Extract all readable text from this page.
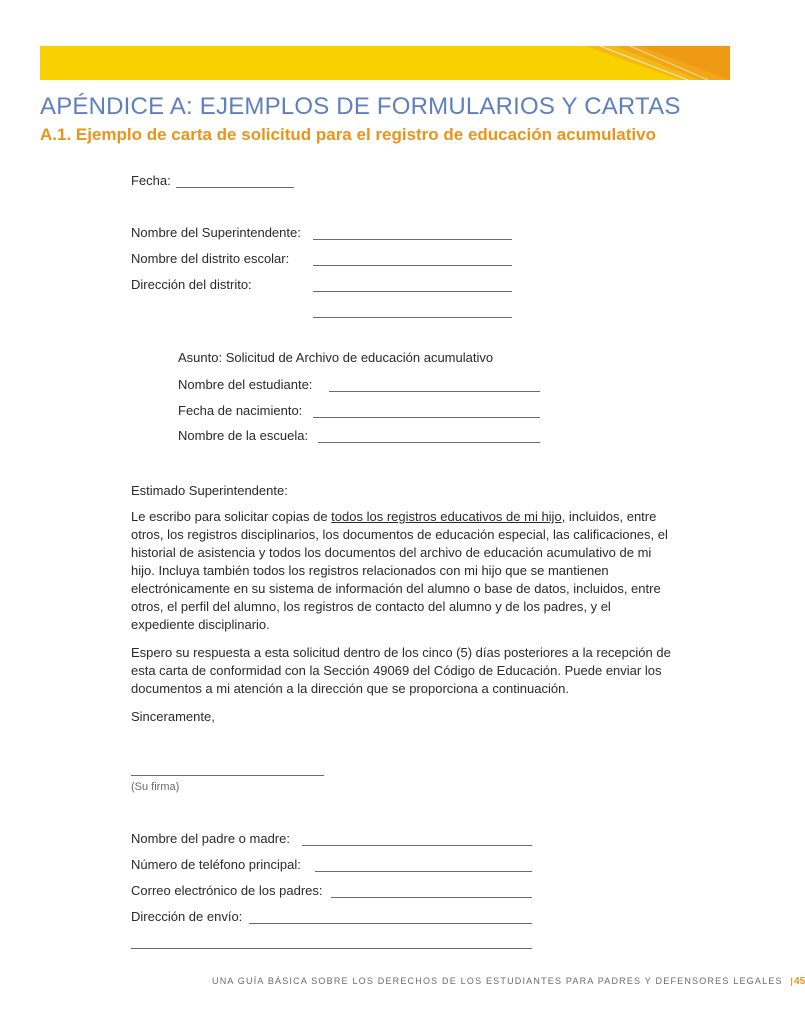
APÉNDICE A: EJEMPLOS DE FORMULARIOS Y CARTAS
A.1. Ejemplo de carta de solicitud para el registro de educación acumulativo
Fecha:
Nombre del Superintendente:
Nombre del distrito escolar:
Dirección del distrito:
Asunto: Solicitud de Archivo de educación acumulativo
Nombre del estudiante:
Fecha de nacimiento:
Nombre de la escuela:
Estimado Superintendente:

Le escribo para solicitar copias de todos los registros educativos de mi hijo, incluidos, entre otros, los registros disciplinarios, los documentos de educación especial, las calificaciones, el historial de asistencia y todos los documentos del archivo de educación acumulativo de mi hijo. Incluya también todos los registros relacionados con mi hijo que se mantienen electrónicamente en su sistema de información del alumno o base de datos, incluidos, entre otros, el perfil del alumno, los registros de contacto del alumno y de los padres, y el expediente disciplinario.

Espero su respuesta a esta solicitud dentro de los cinco (5) días posteriores a la recepción de esta carta de conformidad con la Sección 49069 del Código de Educación. Puede enviar los documentos a mi atención a la dirección que se proporciona a continuación.

Sinceramente,
(Su firma)
Nombre del padre o madre:
Número de teléfono principal:
Correo electrónico de los padres:
Dirección de envío:
UNA GUÍA BÁSICA SOBRE LOS DERECHOS DE LOS ESTUDIANTES PARA PADRES Y DEFENSORES LEGALES |45
